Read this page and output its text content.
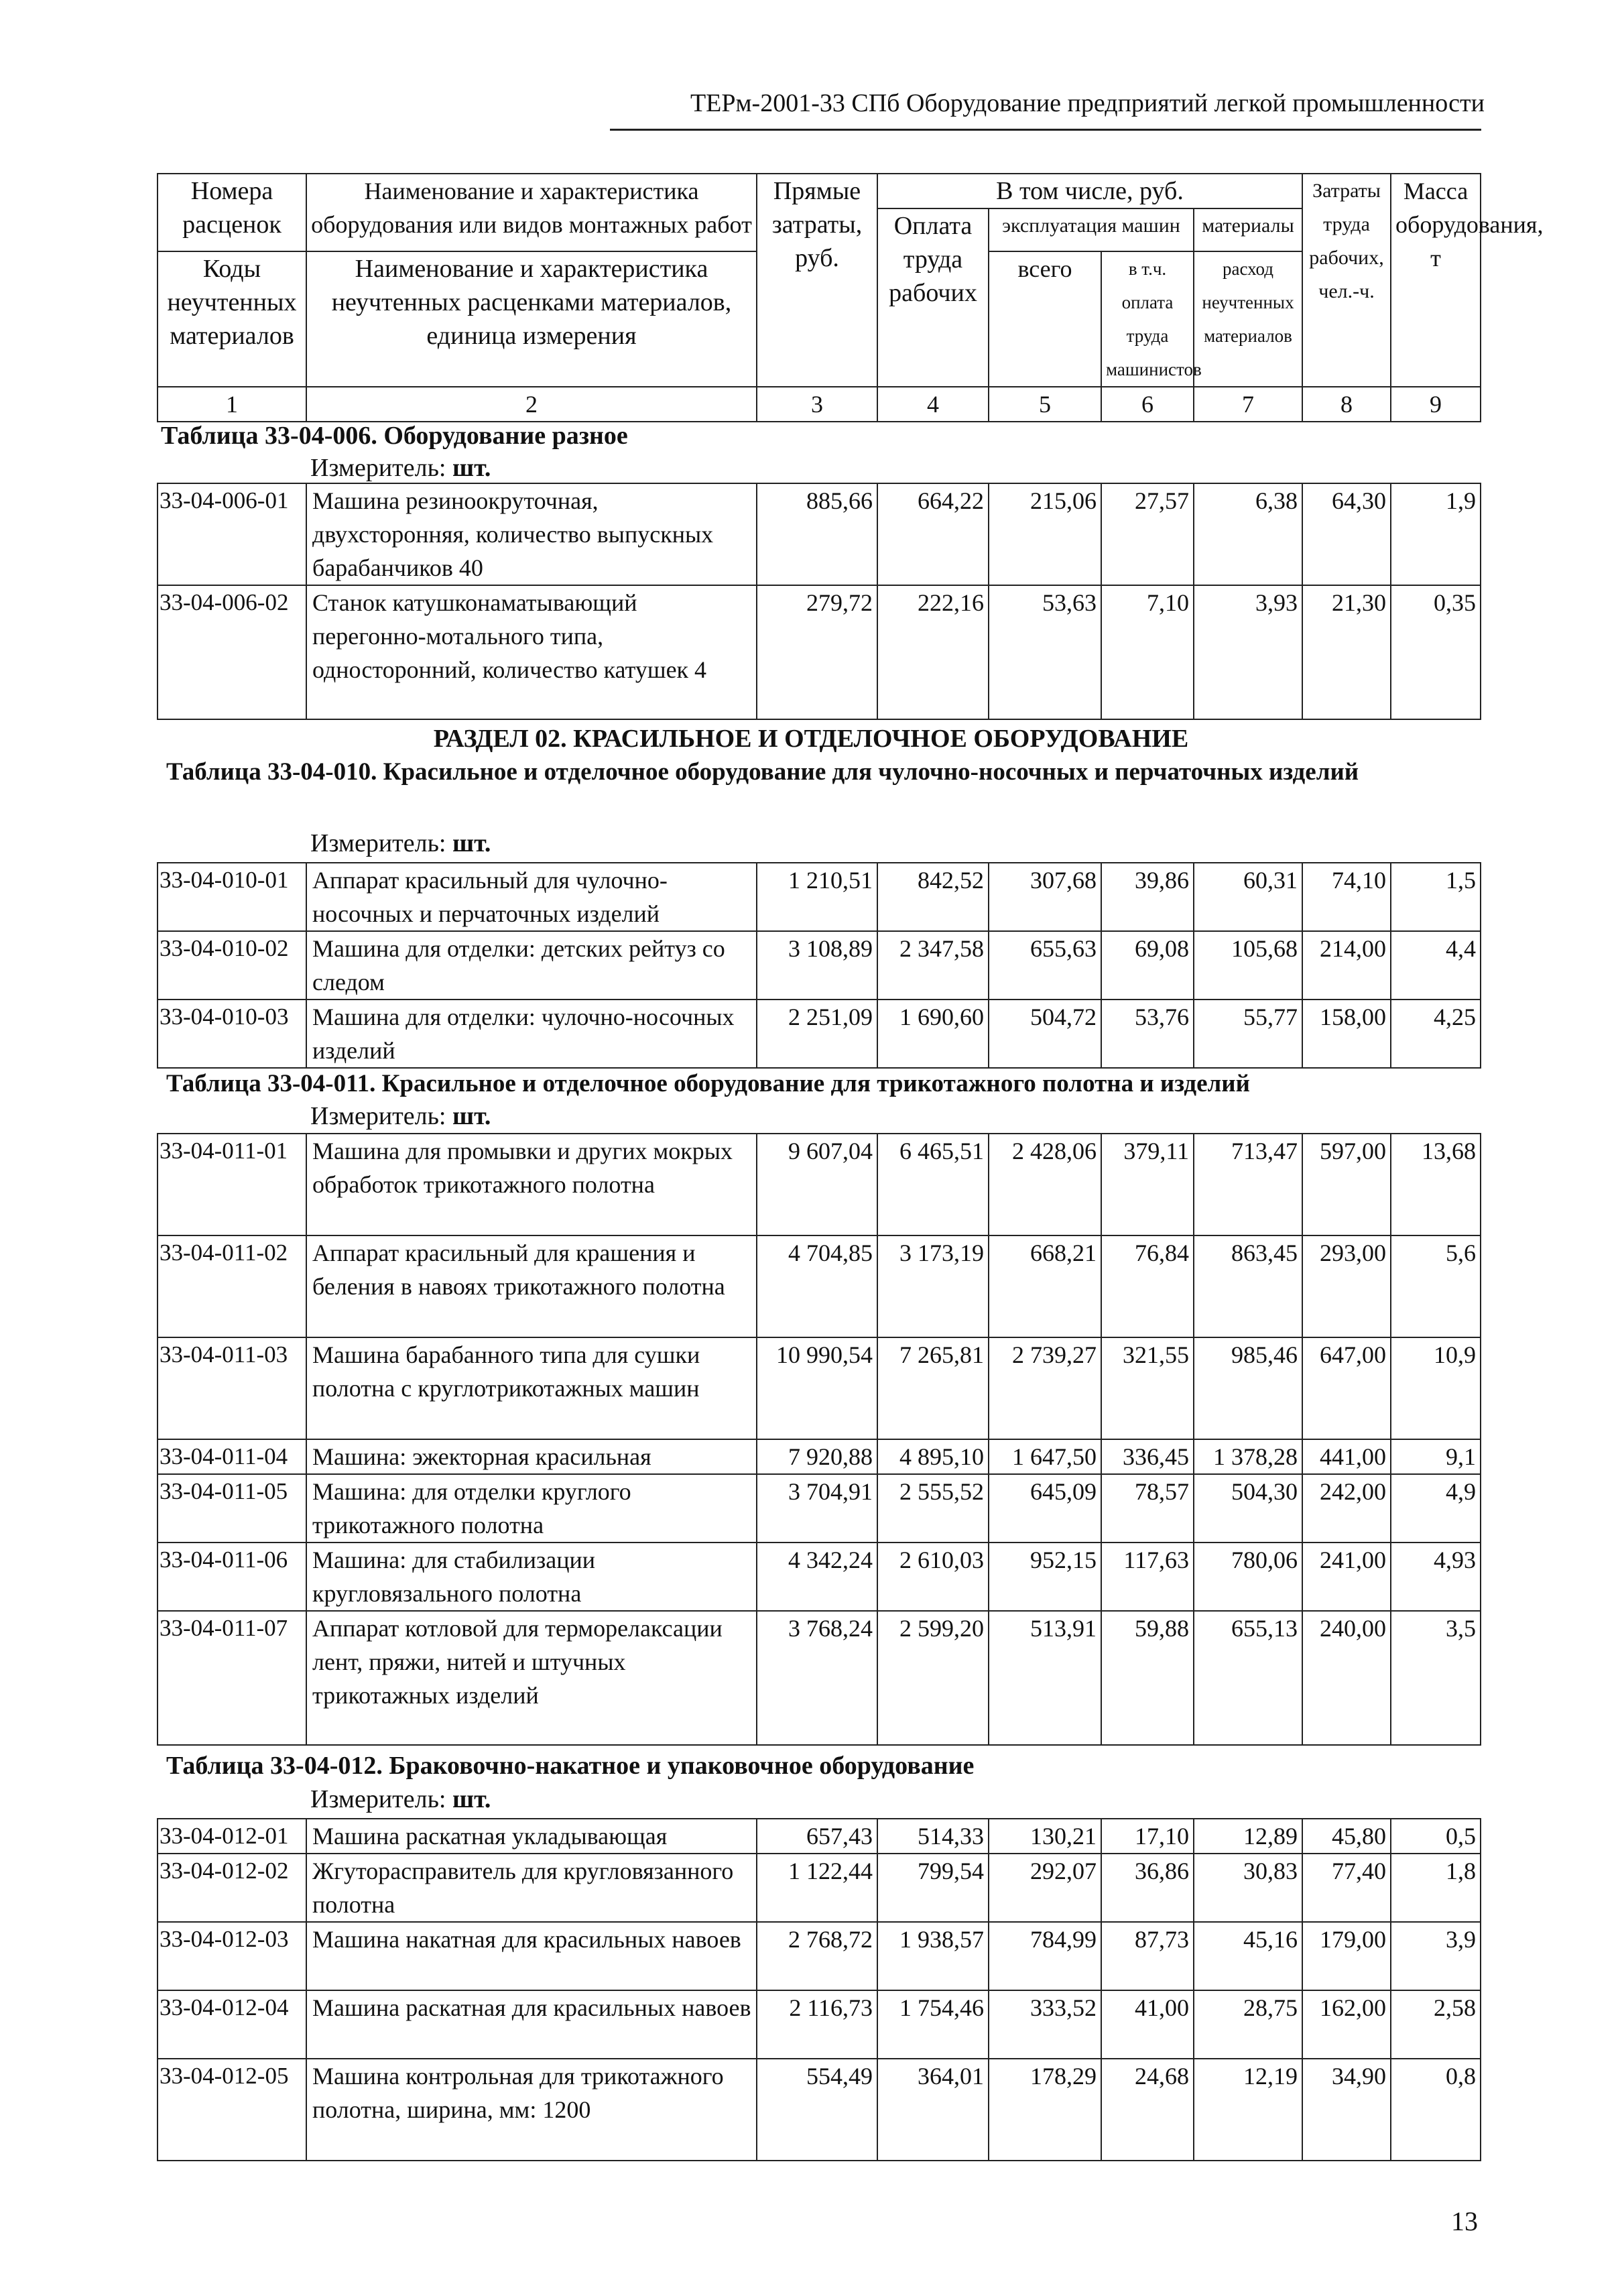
ТЕРм-2001-33 СПб Оборудование предприятий легкой промышленности
Номера расценок	Наименование и характеристика оборудования или видов монтажных работ	Прямые затраты, руб.	В том числе, руб.				Затраты труда рабочих, чел.-ч.	Масса оборудования, т
			Оплата труда рабочих	эксплуатация машин		материалы		
Коды неучтенных материалов	Наименование и характеристика неучтенных расценками материалов, единица измерения			всего	в т.ч. оплата труда машинистов	расход неучтенных материалов		

1	2	3	4	5	6	7	8	9
Таблица 33-04-006. Оборудование разное
Измеритель: шт.
33-04-006-01	Машина резиноокруточная, двухсторонняя, количество выпускных барабанчиков 40	885,66	664,22	215,06	27,57	6,38	64,30	1,9
33-04-006-02	Станок катушконаматывающий перегонно-мотального типа, односторонний, количество катушек 4	279,72	222,16	53,63	7,10	3,93	21,30	0,35
РАЗДЕЛ 02. КРАСИЛЬНОЕ И ОТДЕЛОЧНОЕ ОБОРУДОВАНИЕ
Таблица 33-04-010. Красильное и отделочное оборудование для чулочно-носочных и перчаточных изделий
Измеритель: шт.
33-04-010-01	Аппарат красильный для чулочно-носочных и перчаточных изделий	1 210,51	842,52	307,68	39,86	60,31	74,10	1,5
33-04-010-02	Машина для отделки: детских рейтуз со следом	3 108,89	2 347,58	655,63	69,08	105,68	214,00	4,4
33-04-010-03	Машина для отделки: чулочно-носочных изделий	2 251,09	1 690,60	504,72	53,76	55,77	158,00	4,25
Таблица 33-04-011. Красильное и отделочное оборудование для трикотажного полотна и изделий
Измеритель: шт.
33-04-011-01	Машина для промывки и других мокрых обработок трикотажного полотна	9 607,04	6 465,51	2 428,06	379,11	713,47	597,00	13,68
33-04-011-02	Аппарат красильный для крашения и беления в навоях трикотажного полотна	4 704,85	3 173,19	668,21	76,84	863,45	293,00	5,6
33-04-011-03	Машина барабанного типа для сушки полотна с круглотрикотажных машин	10 990,54	7 265,81	2 739,27	321,55	985,46	647,00	10,9
33-04-011-04	Машина: эжекторная красильная	7 920,88	4 895,10	1 647,50	336,45	1 378,28	441,00	9,1
33-04-011-05	Машина: для отделки круглого трикотажного полотна	3 704,91	2 555,52	645,09	78,57	504,30	242,00	4,9
33-04-011-06	Машина: для стабилизации кругловязального полотна	4 342,24	2 610,03	952,15	117,63	780,06	241,00	4,93
33-04-011-07	Аппарат котловой для терморелаксации лент, пряжи, нитей и штучных трикотажных изделий	3 768,24	2 599,20	513,91	59,88	655,13	240,00	3,5
Таблица 33-04-012. Браковочно-накатное и упаковочное оборудование
Измеритель: шт.
33-04-012-01	Машина раскатная укладывающая	657,43	514,33	130,21	17,10	12,89	45,80	0,5
33-04-012-02	Жгутораспрaвитель для кругловязанного полотна	1 122,44	799,54	292,07	36,86	30,83	77,40	1,8
33-04-012-03	Машина накатная для красильных навоев	2 768,72	1 938,57	784,99	87,73	45,16	179,00	3,9
33-04-012-04	Машина раскатная для красильных навоев	2 116,73	1 754,46	333,52	41,00	28,75	162,00	2,58
33-04-012-05	Машина контрольная для трикотажного полотна, ширина, мм: 1200	554,49	364,01	178,29	24,68	12,19	34,90	0,8
13
